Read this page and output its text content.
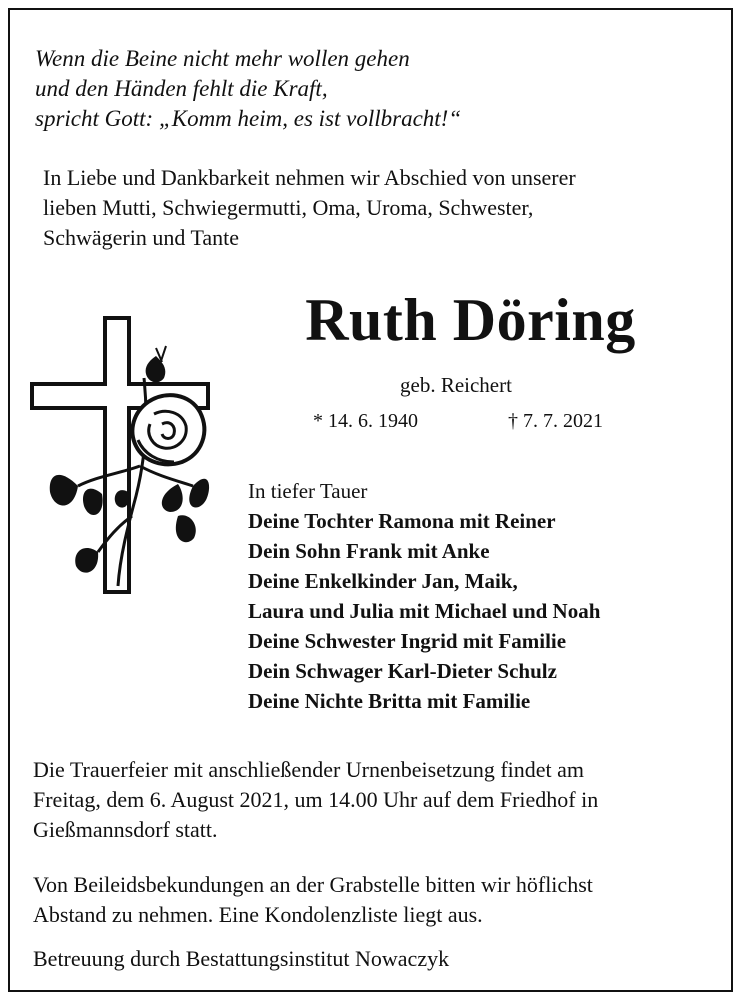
Wenn die Beine nicht mehr wollen gehen
und den Händen fehlt die Kraft,
spricht Gott: „Komm heim, es ist vollbracht!“
In Liebe und Dankbarkeit nehmen wir Abschied von unserer
lieben Mutti, Schwiegermutti, Oma, Uroma, Schwester,
Schwägerin und Tante
Ruth Döring
geb. Reichert
* 14. 6. 1940	† 7. 7. 2021
In tiefer Tauer
Deine Tochter Ramona mit Reiner
Dein Sohn Frank mit Anke
Deine Enkelkinder Jan, Maik,
Laura und Julia mit Michael und Noah
Deine Schwester Ingrid mit Familie
Dein Schwager Karl-Dieter Schulz
Deine Nichte Britta mit Familie
Die Trauerfeier mit anschließender Urnenbeisetzung findet am
Freitag, dem 6. August 2021, um 14.00 Uhr auf dem Friedhof in
Gießmannsdorf statt.
Von Beileidsbekundungen an der Grabstelle bitten wir höflichst
Abstand zu nehmen. Eine Kondolenzliste liegt aus.
Betreuung durch Bestattungsinstitut Nowaczyk
